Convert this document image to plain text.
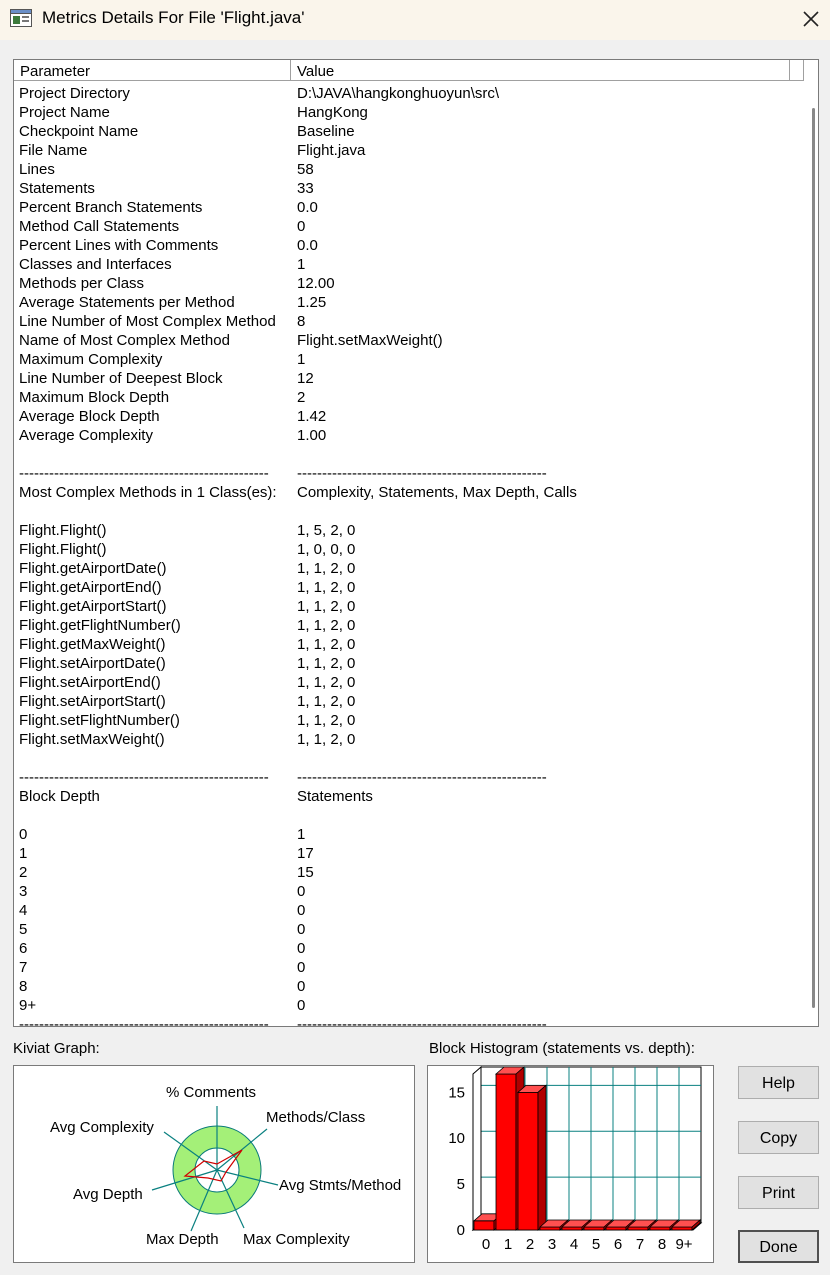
Metrics Details For File 'Flight.java'
Parameter	Value
Project Directory	D:\JAVA\hangkonghuoyun\src\
Project Name	HangKong
Checkpoint Name	Baseline
File Name	Flight.java
Lines	58
Statements	33
Percent Branch Statements	0.0
Method Call Statements	0
Percent Lines with Comments	0.0
Classes and Interfaces	1
Methods per Class	12.00
Average Statements per Method	1.25
Line Number of Most Complex Method 8
Name of Most Complex Method	Flight.setMaxWeight()
Maximum Complexity	1
Line Number of Deepest Block	12
Maximum Block Depth	2
Average Block Depth	1.42
Average Complexity	1.00
-------------------------------------------------- --------------------------------------------------
Most Complex Methods in 1 Class(es): Complexity, Statements, Max Depth, Calls
Flight.Flight()	1, 5, 2, 0
Flight.Flight()	1, 0, 0, 0
Flight.getAirportDate()	1, 1, 2, 0
Flight.getAirportEnd()	1, 1, 2, 0
Flight.getAirportStart()	1, 1, 2, 0
Flight.getFlightNumber()	1, 1, 2, 0
Flight.getMaxWeight()	1, 1, 2, 0
Flight.setAirportDate()	1, 1, 2, 0
Flight.setAirportEnd()	1, 1, 2, 0
Flight.setAirportStart()	1, 1, 2, 0
Flight.setFlightNumber()	1, 1, 2, 0
Flight.setMaxWeight()	1, 1, 2, 0
-------------------------------------------------- --------------------------------------------------
Block Depth	Statements
0	1
1	17
2	15
3	0
4	0
5	0
6	0
7	0
8	0
9+	0
-------------------------------------------------- --------------------------------------------------
Kiviat Graph:
% Comments
Methods/Class
Avg Stmts/Method
Max Complexity
Max Depth
Avg Depth
Avg Complexity
Block Histogram (statements vs. depth):
0 1 2 3 4 5 6 7 8 9+
0
5
10
15
Help
Copy
Print
Done
